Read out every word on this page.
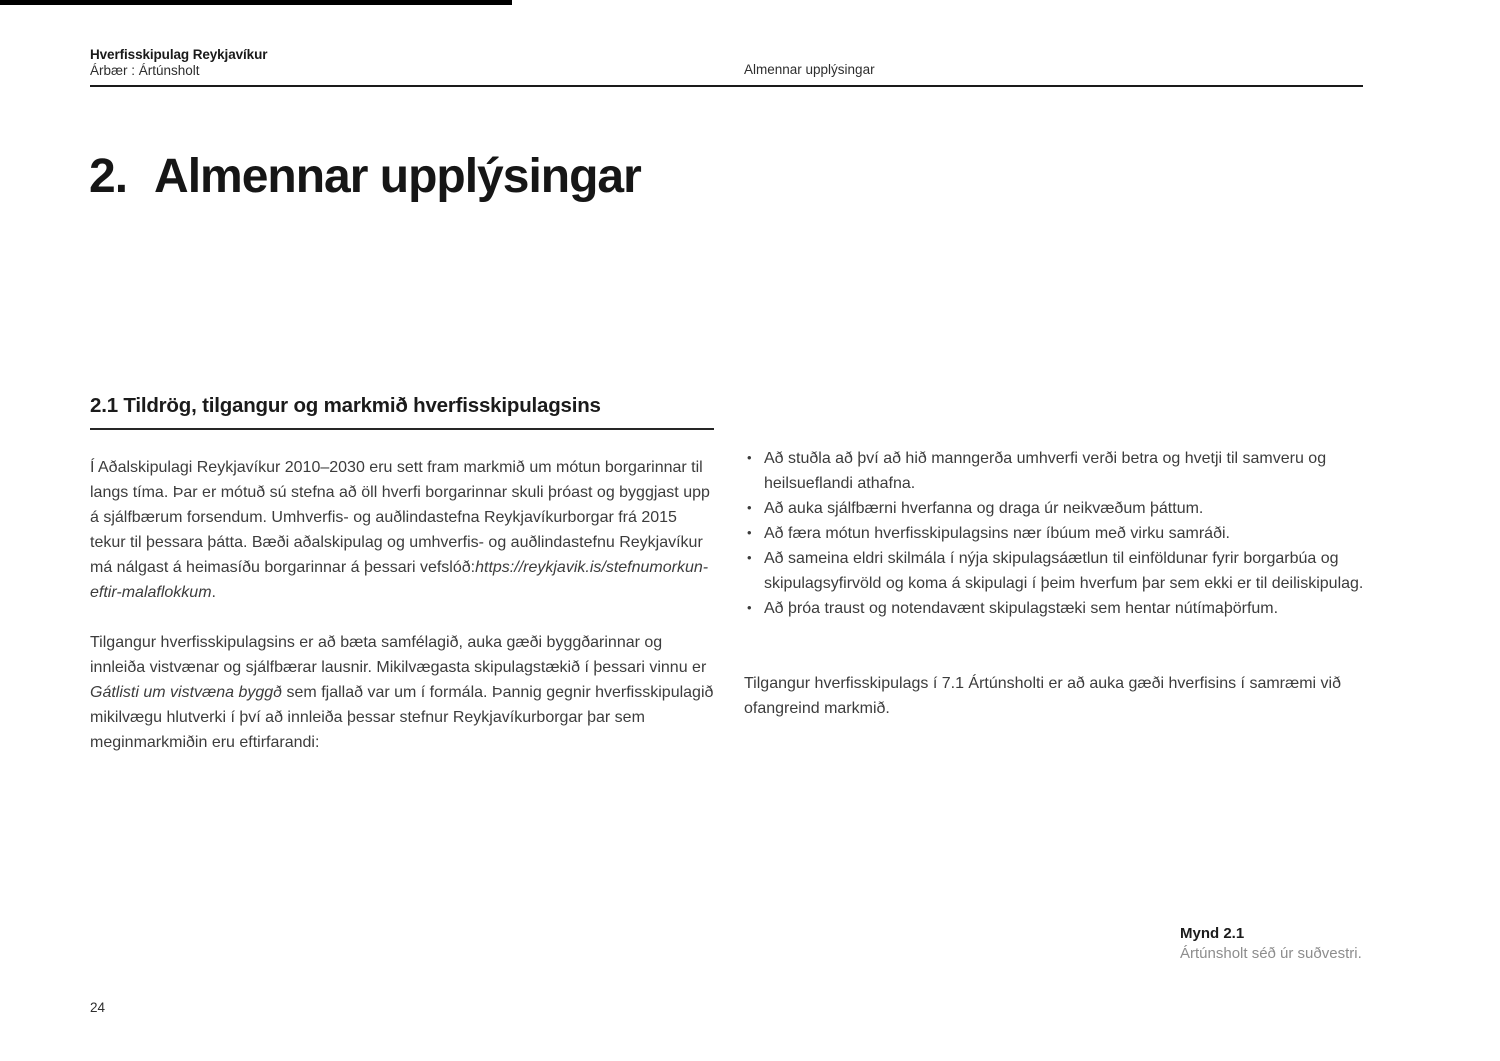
Hverfisskipulag Reykjavíkur
Árbær : Ártúnsholt	Almennar upplýsingar
2. Almennar upplýsingar
2.1 Tildrög, tilgangur og markmið hverfisskipulagsins

Í Aðalskipulagi Reykjavíkur 2010–2030 eru sett fram markmið um mótun borgarinnar til langs tíma. Þar er mótuð sú stefna að öll hverfi borgarinnar skuli þróast og byggjast upp á sjálfbærum forsendum. Umhverfis- og auðlindastefna Reykjavíkurborgar frá 2015 tekur til þessara þátta. Bæði aðalskipulag og umhverfis- og auðlindastefnu Reykjavíkur má nálgast á heimasíðu borgarinnar á þessari vefslóð:https://reykjavik.is/stefnumorkun-eftir-malaflokkum.

Tilgangur hverfisskipulagsins er að bæta samfélagið, auka gæði byggðarinnar og innleiða vistvænar og sjálfbærar lausnir. Mikilvægasta skipulagstækið í þessari vinnu er Gátlisti um vistvæna byggð sem fjallað var um í formála. Þannig gegnir hverfisskipulagið mikilvægu hlutverki í því að innleiða þessar stefnur Reykjavíkurborgar þar sem meginmarkmiðin eru eftirfarandi:

• Að stuðla að því að hið manngerða umhverfi verði betra og hvetji til samveru og heilsueflandi athafna.
• Að auka sjálfbærni hverfanna og draga úr neikvæðum þáttum.
• Að færa mótun hverfisskipulagsins nær íbúum með virku samráði.
• Að sameina eldri skilmála í nýja skipulagsáætlun til einföldunar fyrir borgarbúa og skipulagsyfirvöld og koma á skipulagi í þeim hverfum þar sem ekki er til deiliskipulag.
• Að þróa traust og notendavænt skipulagstæki sem hentar nútímaþörfum.

Tilgangur hverfisskipulags í 7.1 Ártúnsholti er að auka gæði hverfisins í samræmi við ofangreind markmið.

Mynd 2.1
Ártúnsholt séð úr suðvestri.
24
